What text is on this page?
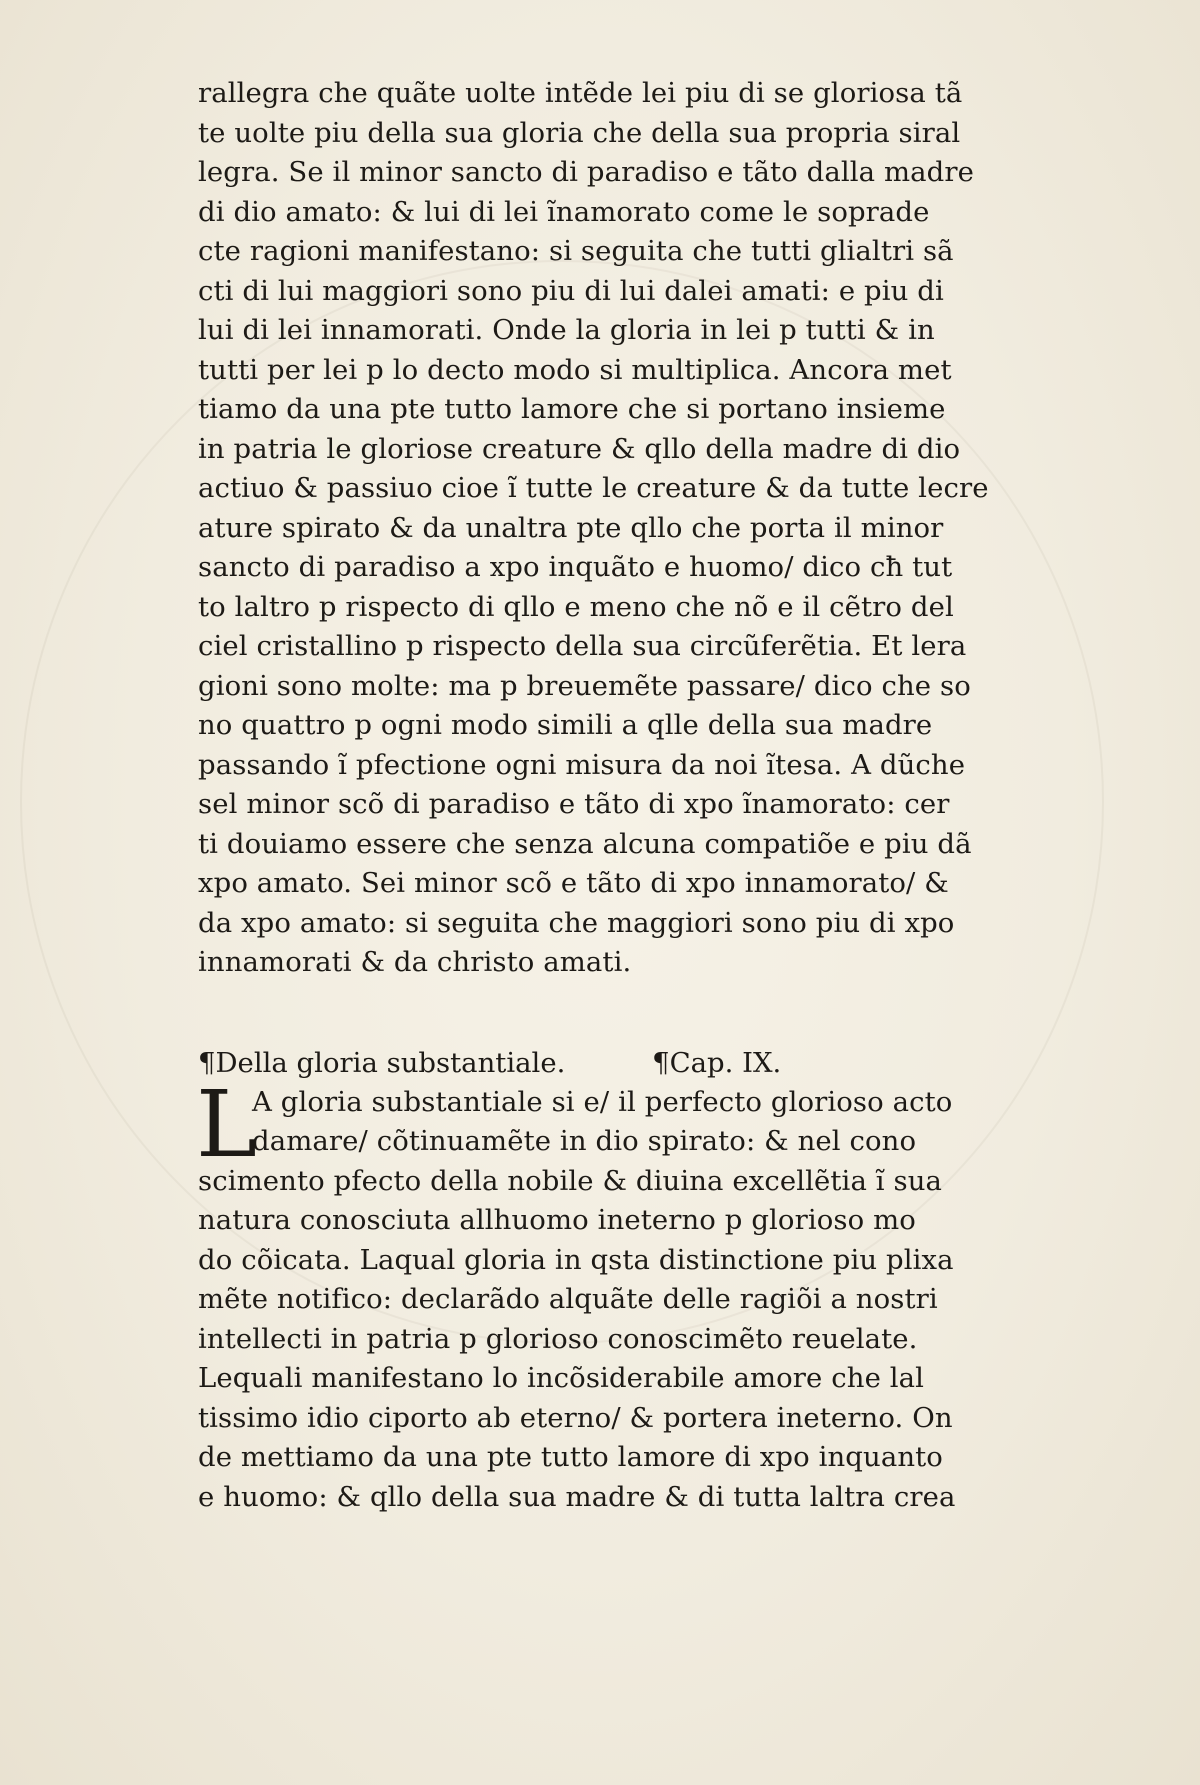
rallegra che quãte uolte intẽde lei piu di se gloriosa tã
te uolte piu della sua gloria che della sua propria siral
legra. Se il minor sancto di paradiso e tãto dalla madre
di dio amato: & lui di lei ĩnamorato come le soprade
cte ragioni manifestano: si seguita che tutti glialtri sã
cti di lui maggiori sono piu di lui dalei amati: e piu di
lui di lei innamorati. Onde la gloria in lei p tutti & in
tutti per lei p lo decto modo si multiplica. Ancora met
tiamo da una pte tutto lamore che si portano insieme
in patria le gloriose creature & qllo della madre di dio
actiuo & passiuo cioe ĩ tutte le creature & da tutte lecre
ature spirato & da unaltra pte qllo che porta il minor
sancto di paradiso a xpo inquãto e huomo/ dico cħ tut
to laltro p rispecto di qllo e meno che nõ e il cẽtro del
ciel cristallino p rispecto della sua circũferẽtia. Et lera
gioni sono molte: ma p breuemẽte passare/ dico che so
no quattro p ogni modo simili a qlle della sua madre
passando ĩ pfectione ogni misura da noi ĩtesa. A dũche
sel minor scõ di paradiso e tãto di xpo ĩnamorato: cer
ti douiamo essere che senza alcuna compatiõe e piu dã
xpo amato. Sei minor scõ e tãto di xpo innamorato/ &
da xpo amato: si seguita che maggiori sono piu di xpo
innamorati & da christo amati.
¶Della gloria substantiale.	¶Cap. IX.
L
A gloria substantiale si e/ il perfecto glorioso acto
damare/ cõtinuamẽte in dio spirato: & nel cono
scimento pfecto della nobile & diuina excellẽtia ĩ sua
natura conosciuta allhuomo ineterno p glorioso mo
do cõicata. Laqual gloria in qsta distinctione piu plixa
mẽte notifico: declarãdo alquãte delle ragiõi a nostri
intellecti in patria p glorioso conoscimẽto reuelate.
Lequali manifestano lo incõsiderabile amore che lal
tissimo idio ciporto ab eterno/ & portera ineterno. On
de mettiamo da una pte tutto lamore di xpo inquanto
e huomo: & qllo della sua madre & di tutta laltra crea
